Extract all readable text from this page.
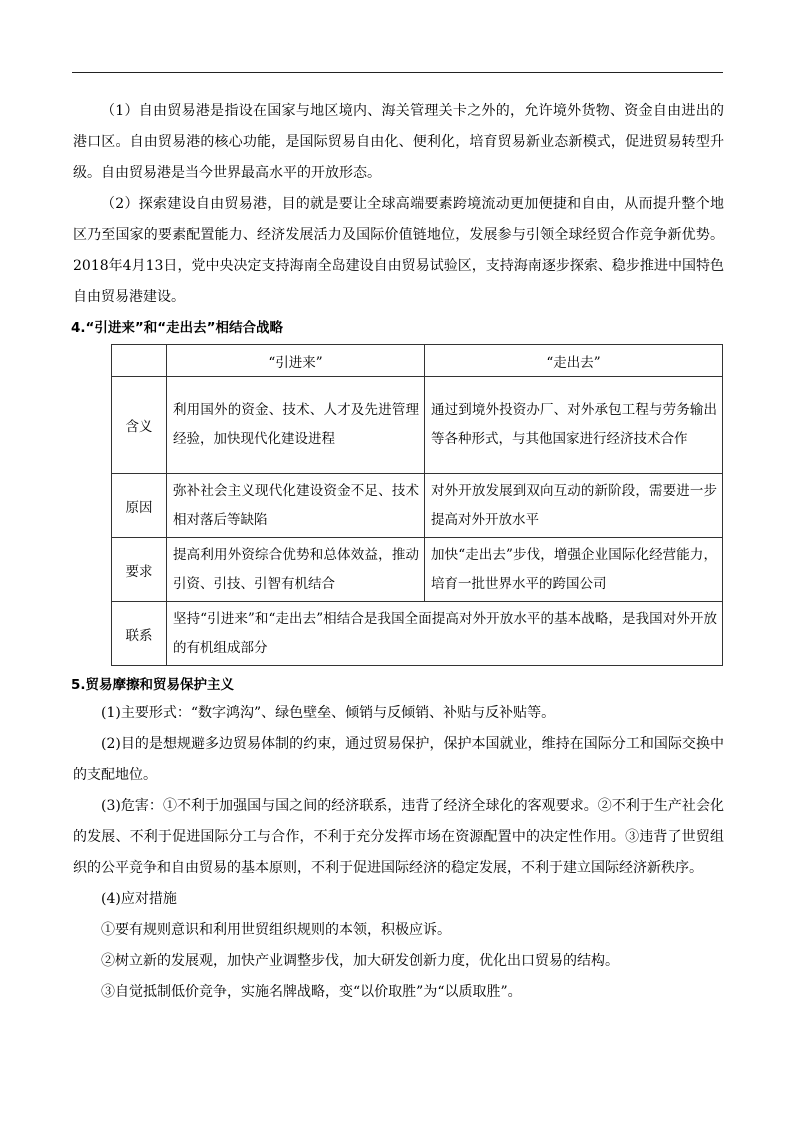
（1）自由贸易港是指设在国家与地区境内、海关管理关卡之外的，允许境外货物、资金自由进出的港口区。自由贸易港的核心功能，是国际贸易自由化、便利化，培育贸易新业态新模式，促进贸易转型升级。自由贸易港是当今世界最高水平的开放形态。

（2）探索建设自由贸易港，目的就是要让全球高端要素跨境流动更加便捷和自由，从而提升整个地区乃至国家的要素配置能力、经济发展活力及国际价值链地位，发展参与引领全球经贸合作竞争新优势。2018年4月13日，党中央决定支持海南全岛建设自由贸易试验区，支持海南逐步探索、稳步推进中国特色自由贸易港建设。

4.“引进来”和“走出去”相结合战略
	“引进来”	“走出去”
含义	利用国外的资金、技术、人才及先进管理经验，加快现代化建设进程	通过到境外投资办厂、对外承包工程与劳务输出等各种形式，与其他国家进行经济技术合作
原因	弥补社会主义现代化建设资金不足、技术相对落后等缺陷	对外开放发展到双向互动的新阶段，需要进一步提高对外开放水平
要求	提高利用外资综合优势和总体效益，推动引资、引技、引智有机结合	加快“走出去”步伐，增强企业国际化经营能力，培育一批世界水平的跨国公司
联系	坚持“引进来”和“走出去”相结合是我国全面提高对外开放水平的基本战略，是我国对外开放的有机组成部分	
5.贸易摩擦和贸易保护主义

(1)主要形式：“数字鸿沟”、绿色壁垒、倾销与反倾销、补贴与反补贴等。

(2)目的是想规避多边贸易体制的约束，通过贸易保护，保护本国就业，维持在国际分工和国际交换中的支配地位。

(3)危害：①不利于加强国与国之间的经济联系，违背了经济全球化的客观要求。②不利于生产社会化的发展、不利于促进国际分工与合作，不利于充分发挥市场在资源配置中的决定性作用。③违背了世贸组织的公平竞争和自由贸易的基本原则，不利于促进国际经济的稳定发展，不利于建立国际经济新秩序。

(4)应对措施

①要有规则意识和利用世贸组织规则的本领，积极应诉。

②树立新的发展观，加快产业调整步伐，加大研发创新力度，优化出口贸易的结构。

③自觉抵制低价竞争，实施名牌战略，变“以价取胜”为“以质取胜”。
